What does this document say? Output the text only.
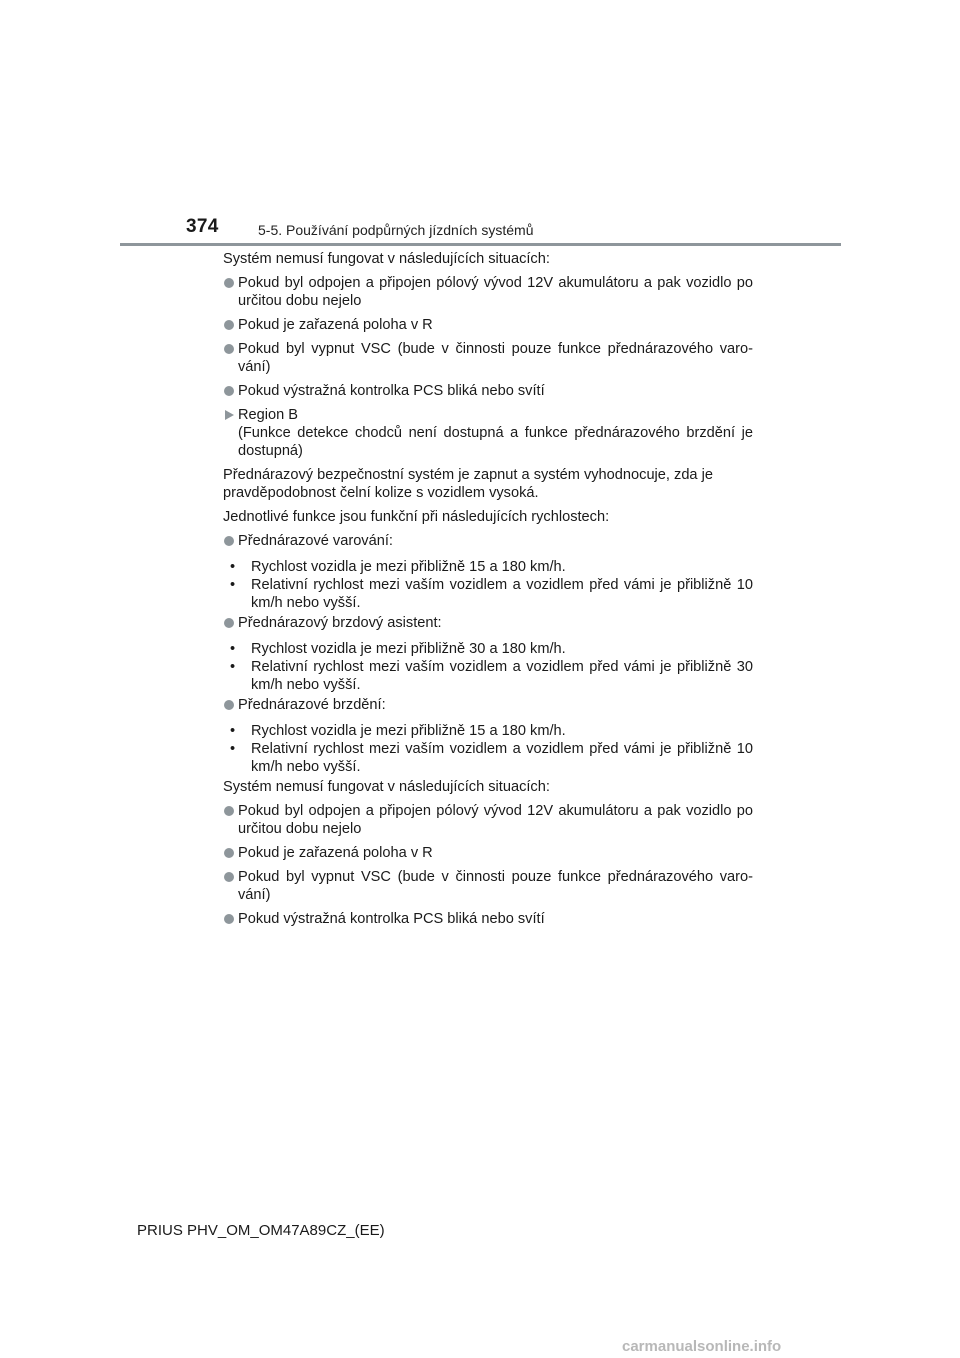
374	5-5. Používání podpůrných jízdních systémů

Systém nemusí fungovat v následujících situacích:

Pokud byl odpojen a připojen pólový vývod 12V akumulátoru a pak vozidlo po určitou dobu nejelo
Pokud je zařazená poloha v R
Pokud byl vypnut VSC (bude v činnosti pouze funkce přednárazového varo-vání)
Pokud výstražná kontrolka PCS bliká nebo svítí
Region B
(Funkce detekce chodců není dostupná a funkce přednárazového brzdění je dostupná)

Přednárazový bezpečnostní systém je zapnut a systém vyhodnocuje, zda je pravděpodobnost čelní kolize s vozidlem vysoká.

Jednotlivé funkce jsou funkční při následujících rychlostech:

Přednárazové varování:
• Rychlost vozidla je mezi přibližně 15 a 180 km/h.
• Relativní rychlost mezi vaším vozidlem a vozidlem před vámi je přibližně 10 km/h nebo vyšší.
Přednárazový brzdový asistent:
• Rychlost vozidla je mezi přibližně 30 a 180 km/h.
• Relativní rychlost mezi vaším vozidlem a vozidlem před vámi je přibližně 30 km/h nebo vyšší.
Přednárazové brzdění:
• Rychlost vozidla je mezi přibližně 15 a 180 km/h.
• Relativní rychlost mezi vaším vozidlem a vozidlem před vámi je přibližně 10 km/h nebo vyšší.

Systém nemusí fungovat v následujících situacích:

Pokud byl odpojen a připojen pólový vývod 12V akumulátoru a pak vozidlo po určitou dobu nejelo
Pokud je zařazená poloha v R
Pokud byl vypnut VSC (bude v činnosti pouze funkce přednárazového varo-vání)
Pokud výstražná kontrolka PCS bliká nebo svítí
PRIUS PHV_OM_OM47A89CZ_(EE)
carmanualsonline.info
